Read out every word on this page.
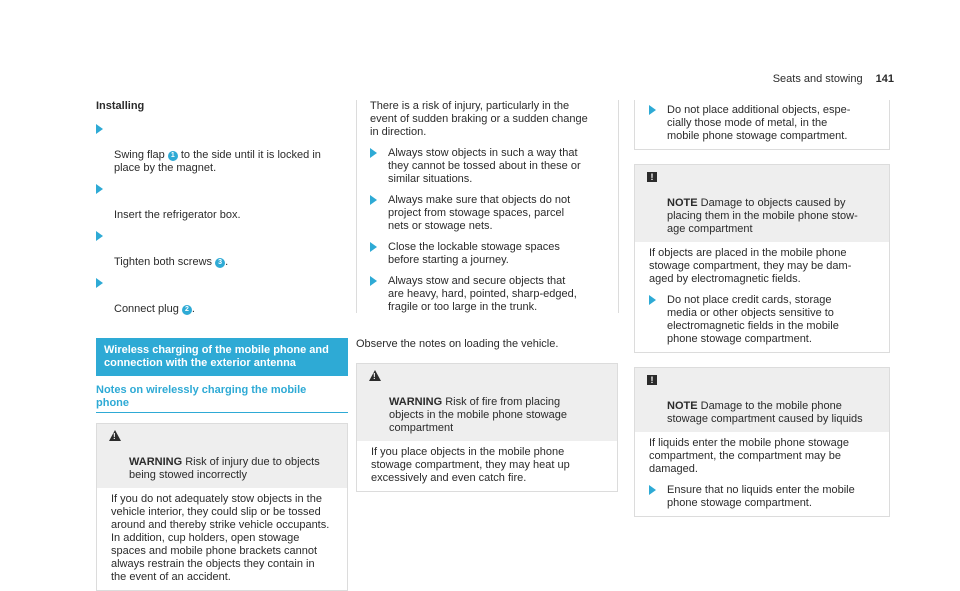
Seats and stowing 141
Installing

Swing flap 1 to the side until it is locked in
place by the magnet.

Insert the refrigerator box.

Tighten both screws 3 .

Connect plug 2 .

Wireless charging of the mobile phone and
connection with the exterior antenna
Notes on wirelessly charging the mobile
phone

!

WARNING Risk of injury due to objects
being stowed incorrectly

If you do not adequately stow objects in the
vehicle interior, they could slip or be tossed
around and thereby strike vehicle occupants.
In addition, cup holders, open stowage
spaces and mobile phone brackets cannot
always restrain the objects they contain in
the event of an accident.
There is a risk of injury, particularly in the
event of sudden braking or a sudden change
in direction.
Always stow objects in such a way that
they cannot be tossed about in these or
similar situations.
Always make sure that objects do not
project from stowage spaces, parcel
nets or stowage nets.
Close the lockable stowage spaces
before starting a journey.
Always stow and secure objects that
are heavy, hard, pointed, sharp-edged,
fragile or too large in the trunk.
Observe the notes on loading the vehicle.

!

WARNING Risk of fire from placing
objects in the mobile phone stowage
compartment

If you place objects in the mobile phone
stowage compartment, they may heat up
excessively and even catch fire.
Do not place additional objects, espe-
cially those mode of metal, in the
mobile phone stowage compartment.

!

NOTE Damage to objects caused by
placing them in the mobile phone stow-
age compartment

If objects are placed in the mobile phone
stowage compartment, they may be dam-
aged by electromagnetic fields.
Do not place credit cards, storage
media or other objects sensitive to
electromagnetic fields in the mobile
phone stowage compartment.

!

NOTE Damage to the mobile phone
stowage compartment caused by liquids

If liquids enter the mobile phone stowage
compartment, the compartment may be
damaged.
Ensure that no liquids enter the mobile
phone stowage compartment.
